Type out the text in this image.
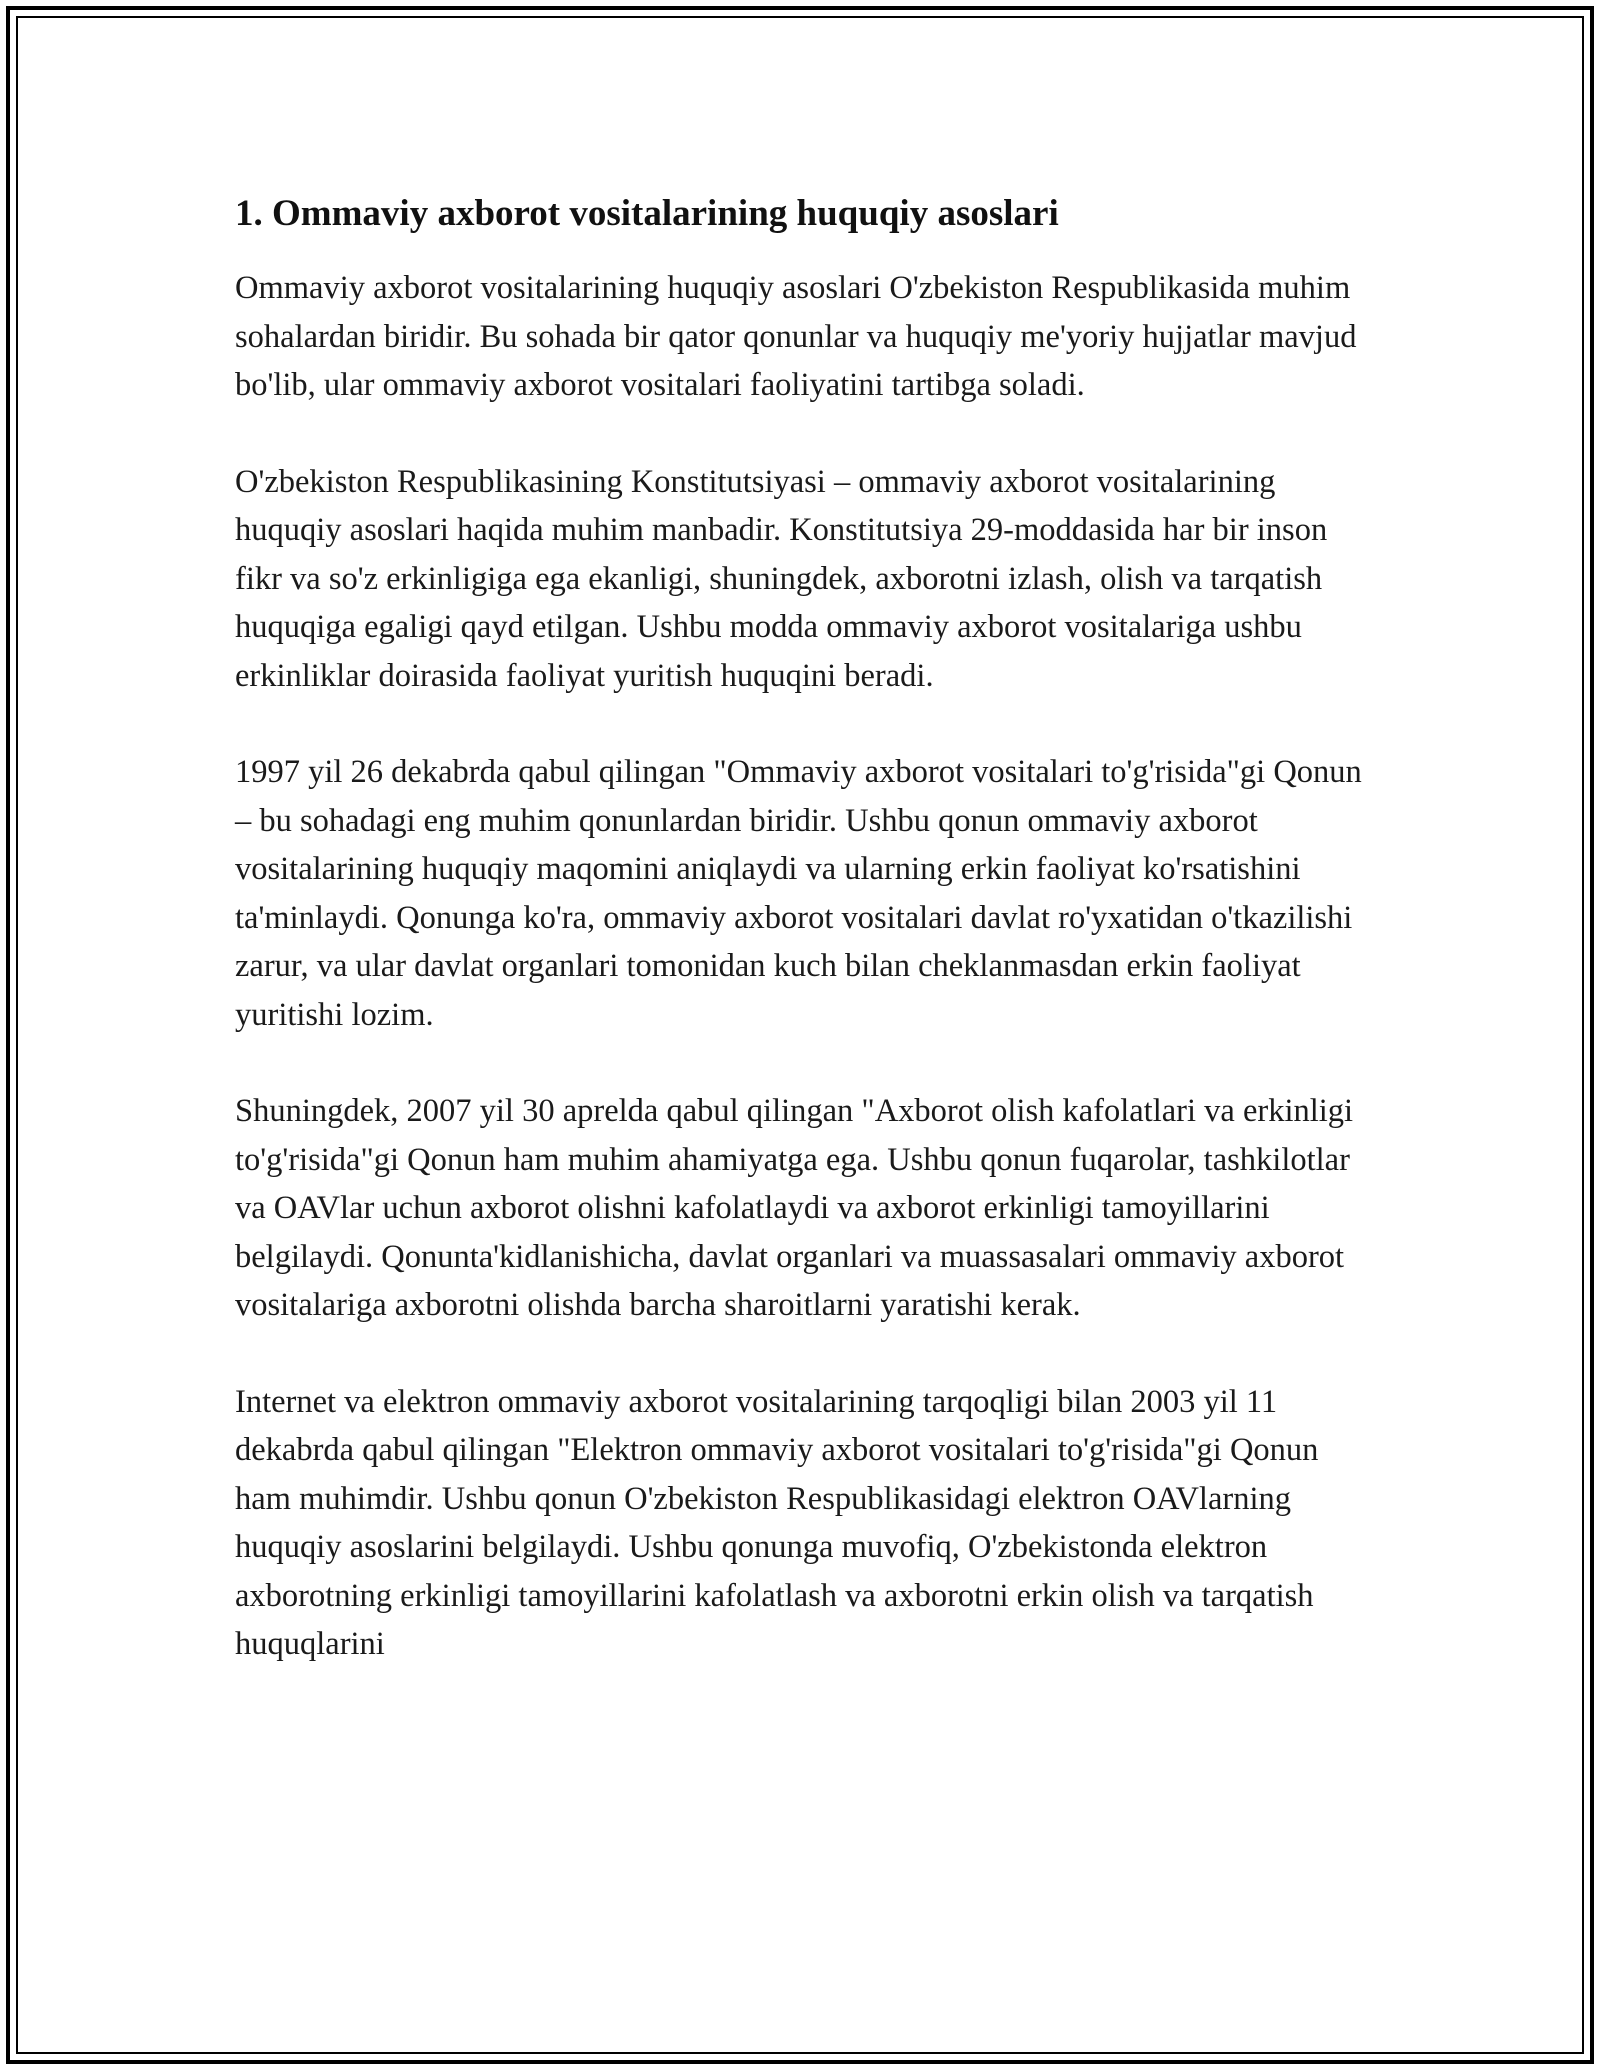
1. Ommaviy axborot vositalarining huquqiy asoslari

Ommaviy axborot vositalarining huquqiy asoslari O'zbekiston Respublikasida muhim sohalardan biridir. Bu sohada bir qator qonunlar va huquqiy me'yoriy hujjatlar mavjud bo'lib, ular ommaviy axborot vositalari faoliyatini tartibga soladi.

O'zbekiston Respublikasining Konstitutsiyasi – ommaviy axborot vositalarining huquqiy asoslari haqida muhim manbadir. Konstitutsiya 29-moddasida har bir inson fikr va so'z erkinligiga ega ekanligi, shuningdek, axborotni izlash, olish va tarqatish huquqiga egaligi qayd etilgan. Ushbu modda ommaviy axborot vositalariga ushbu erkinliklar doirasida faoliyat yuritish huquqini beradi.

1997 yil 26 dekabrda qabul qilingan "Ommaviy axborot vositalari to'g'risida"gi Qonun – bu sohadagi eng muhim qonunlardan biridir. Ushbu qonun ommaviy axborot vositalarining huquqiy maqomini aniqlaydi va ularning erkin faoliyat ko'rsatishini ta'minlaydi. Qonunga ko'ra, ommaviy axborot vositalari davlat ro'yxatidan o'tkazilishi zarur, va ular davlat organlari tomonidan kuch bilan cheklanmasdan erkin faoliyat yuritishi lozim.

Shuningdek, 2007 yil 30 aprelda qabul qilingan "Axborot olish kafolatlari va erkinligi to'g'risida"gi Qonun ham muhim ahamiyatga ega. Ushbu qonun fuqarolar, tashkilotlar va OAVlar uchun axborot olishni kafolatlaydi va axborot erkinligi tamoyillarini belgilaydi. Qonunta'kidlanishicha, davlat organlari va muassasalari ommaviy axborot vositalariga axborotni olishda barcha sharoitlarni yaratishi kerak.

Internet va elektron ommaviy axborot vositalarining tarqoqligi bilan 2003 yil 11 dekabrda qabul qilingan "Elektron ommaviy axborot vositalari to'g'risida"gi Qonun ham muhimdir. Ushbu qonun O'zbekiston Respublikasidagi elektron OAVlarning huquqiy asoslarini belgilaydi. Ushbu qonunga muvofiq, O'zbekistonda elektron axborotning erkinligi tamoyillarini kafolatlash va axborotni erkin olish va tarqatish huquqlarini
